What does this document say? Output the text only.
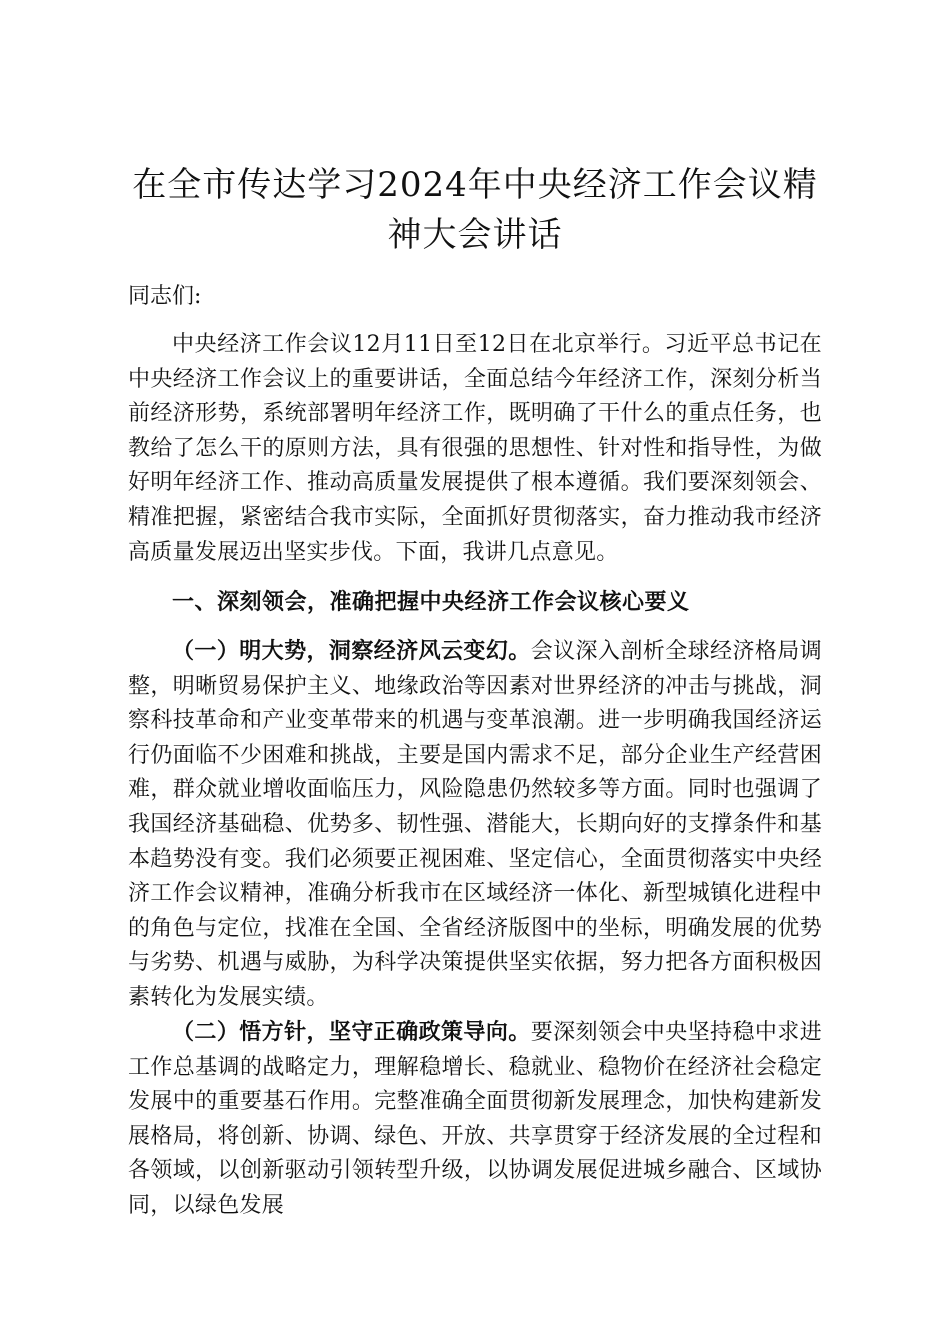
在全市传达学习2024年中央经济工作会议精神大会讲话

同志们:

中央经济工作会议12月11日至12日在北京举行。习近平总书记在中央经济工作会议上的重要讲话，全面总结今年经济工作，深刻分析当前经济形势，系统部署明年经济工作，既明确了干什么的重点任务，也教给了怎么干的原则方法，具有很强的思想性、针对性和指导性，为做好明年经济工作、推动高质量发展提供了根本遵循。我们要深刻领会、精准把握，紧密结合我市实际，全面抓好贯彻落实，奋力推动我市经济高质量发展迈出坚实步伐。下面，我讲几点意见。

一、深刻领会，准确把握中央经济工作会议核心要义

（一）明大势，洞察经济风云变幻。会议深入剖析全球经济格局调整，明晰贸易保护主义、地缘政治等因素对世界经济的冲击与挑战，洞察科技革命和产业变革带来的机遇与变革浪潮。进一步明确我国经济运行仍面临不少困难和挑战，主要是国内需求不足，部分企业生产经营困难，群众就业增收面临压力，风险隐患仍然较多等方面。同时也强调了我国经济基础稳、优势多、韧性强、潜能大，长期向好的支撑条件和基本趋势没有变。我们必须要正视困难、坚定信心，全面贯彻落实中央经济工作会议精神，准确分析我市在区域经济一体化、新型城镇化进程中的角色与定位，找准在全国、全省经济版图中的坐标，明确发展的优势与劣势、机遇与威胁，为科学决策提供坚实依据，努力把各方面积极因素转化为发展实绩。

（二）悟方针，坚守正确政策导向。要深刻领会中央坚持稳中求进工作总基调的战略定力，理解稳增长、稳就业、稳物价在经济社会稳定发展中的重要基石作用。完整准确全面贯彻新发展理念，加快构建新发展格局，将创新、协调、绿色、开放、共享贯穿于经济发展的全过程和各领域，以创新驱动引领转型升级，以协调发展促进城乡融合、区域协同，以绿色发展
